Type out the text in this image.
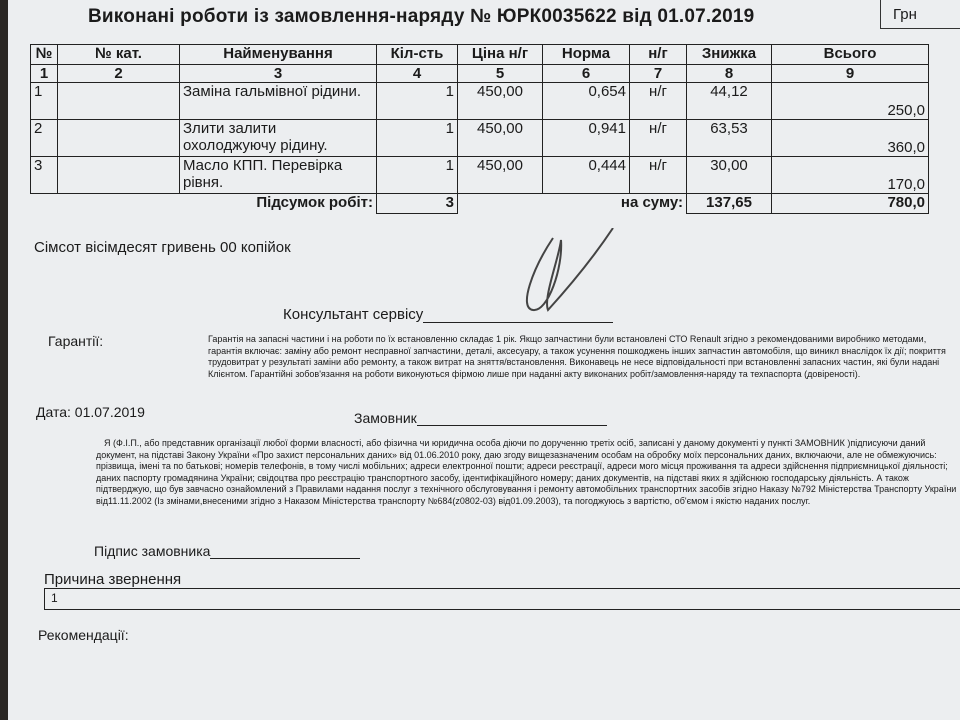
Виконані роботи із замовлення-наряду № ЮРК0035622 від 01.07.2019	Грн
№	№ кат.	Найменування	Кіл-сть	Ціна н/г	Норма	н/г	Знижка	Всього
1	2	3	4	5	6	7	8	9
1		Заміна гальмівної рідини.	1	450,00	0,654	н/г	44,12	250,0
2		Злити залити охолоджуючу рідину.	1	450,00	0,941	н/г	63,53	360,0
3		Масло КПП. Перевірка рівня.	1	450,00	0,444	н/г	30,00	170,0
Підсумок робіт:			3	на суму:			137,65	780,0
Сімсот вісімдесят гривень 00 копійок
Консультант сервісу
Гарантії:	Гарантія на запасні частини і на роботи по їх встановленню складає 1 рік. Якщо запчастини були встановлені СТО Renault згідно з рекомендованими виробнико методами, гарантія включає: заміну або ремонт несправної запчастини, деталі, аксесуару, а також усунення пошкоджень інших запчастин автомобіля, що виникл внаслідок їх дії; покриття трудовитрат у результаті заміни або ремонту, а також витрат на зняття/встановлення. Виконавець не несе відповідальності при встановленні запасних частин, які були надані Клієнтом. Гарантійні зобов'язання на роботи виконуються фірмою лише при наданні акту виконаних робіт/замовлення-наряду та техпаспорта (довіреності).
Дата: 01.07.2019	Замовник
Я (Ф.І.П., або представник організації любої форми власності, або фізична чи юридична особа діючи по дорученню третіх осіб, записані у даному документі у пункті ЗАМОВНИК )підписуючи даний документ, на підставі Закону України «Про захист персональних даних» від 01.06.2010 року, даю згоду вищезазначеним особам на обробку моїх персональних даних, включаючи, але не обмежуючись: прізвища, імені та по батькові; номерів телефонів, в тому числі мобільних; адреси електронної пошти; адреси реєстрації, адреси мого місця проживання та адреси здійснення підприємницької діяльності; даних паспорту громадянина України; свідоцтва про реєстрацію транспортного засобу, ідентифікаційного номеру; даних документів, на підставі яких я здійснюю господарську діяльність. А також підтверджую, що був завчасно ознайомлений з Правилами надання послуг з технічного обслуговування і ремонту автомобільних транспортних засобів згідно Наказу №792 Міністерства Транспорту України від11.11.2002 (Із змінами,внесеними згідно з Наказом Міністерства транспорту №684(z0802-03) від01.09.2003), та погоджуюсь з вартістю, об'ємом і якістю наданих послуг.
Підпис замовника
Причина звернення
1
Рекомендації:
